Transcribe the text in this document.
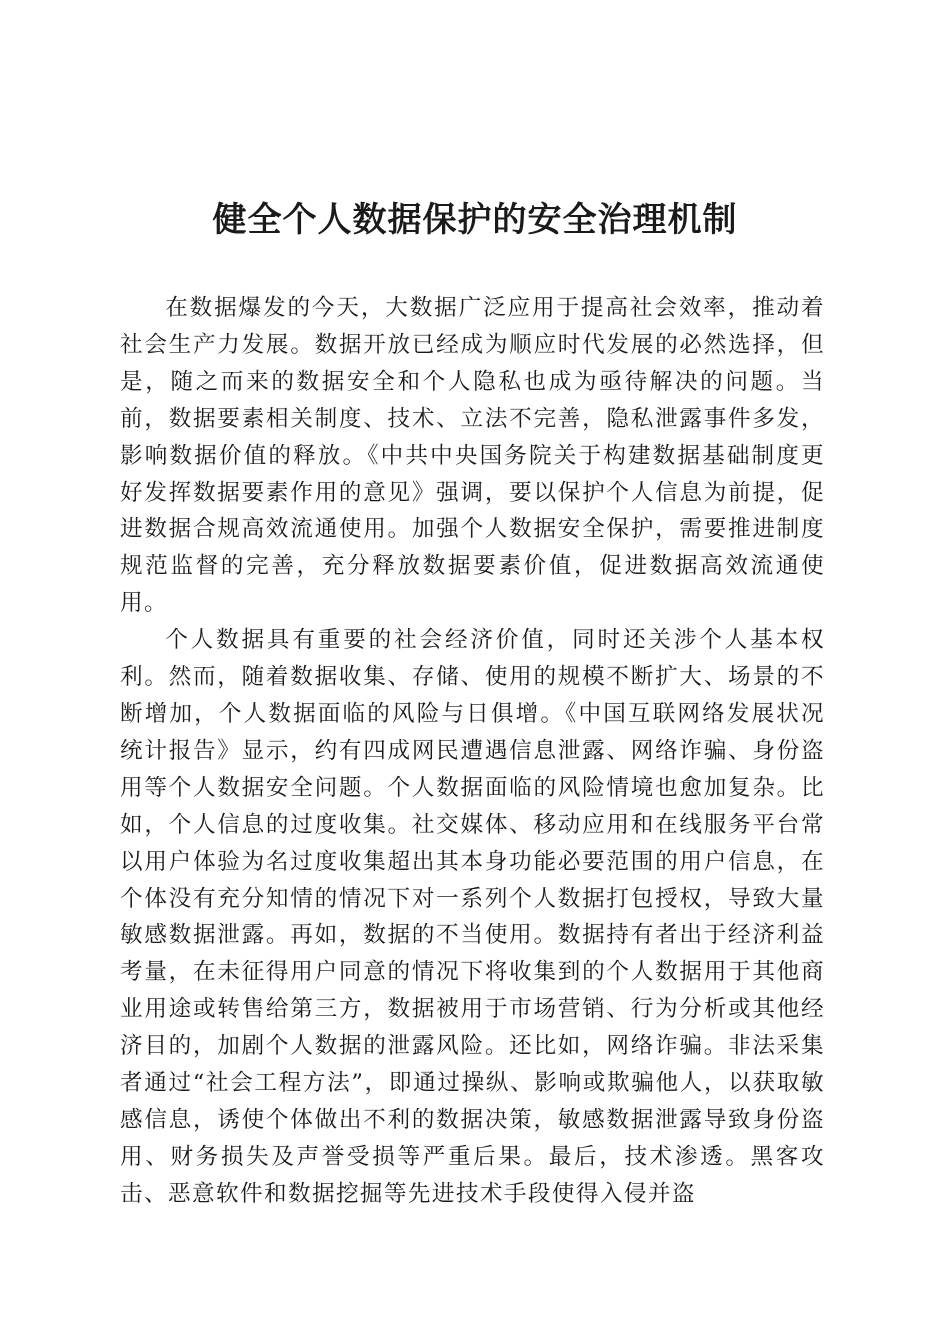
健全个人数据保护的安全治理机制

在数据爆发的今天，大数据广泛应用于提高社会效率，推动着社会生产力发展。数据开放已经成为顺应时代发展的必然选择，但是，随之而来的数据安全和个人隐私也成为亟待解决的问题。当前，数据要素相关制度、技术、立法不完善，隐私泄露事件多发，影响数据价值的释放。《中共中央国务院关于构建数据基础制度更好发挥数据要素作用的意见》强调，要以保护个人信息为前提，促进数据合规高效流通使用。加强个人数据安全保护，需要推进制度规范监督的完善，充分释放数据要素价值，促进数据高效流通使用。

个人数据具有重要的社会经济价值，同时还关涉个人基本权利。然而，随着数据收集、存储、使用的规模不断扩大、场景的不断增加，个人数据面临的风险与日俱增。《中国互联网络发展状况统计报告》显示，约有四成网民遭遇信息泄露、网络诈骗、身份盗用等个人数据安全问题。个人数据面临的风险情境也愈加复杂。比如，个人信息的过度收集。社交媒体、移动应用和在线服务平台常以用户体验为名过度收集超出其本身功能必要范围的用户信息，在个体没有充分知情的情况下对一系列个人数据打包授权，导致大量敏感数据泄露。再如，数据的不当使用。数据持有者出于经济利益考量，在未征得用户同意的情况下将收集到的个人数据用于其他商业用途或转售给第三方，数据被用于市场营销、行为分析或其他经济目的，加剧个人数据的泄露风险。还比如，网络诈骗。非法采集者通过“社会工程方法”，即通过操纵、影响或欺骗他人，以获取敏感信息，诱使个体做出不利的数据决策，敏感数据泄露导致身份盗用、财务损失及声誉受损等严重后果。最后，技术渗透。黑客攻击、恶意软件和数据挖掘等先进技术手段使得入侵并盗
